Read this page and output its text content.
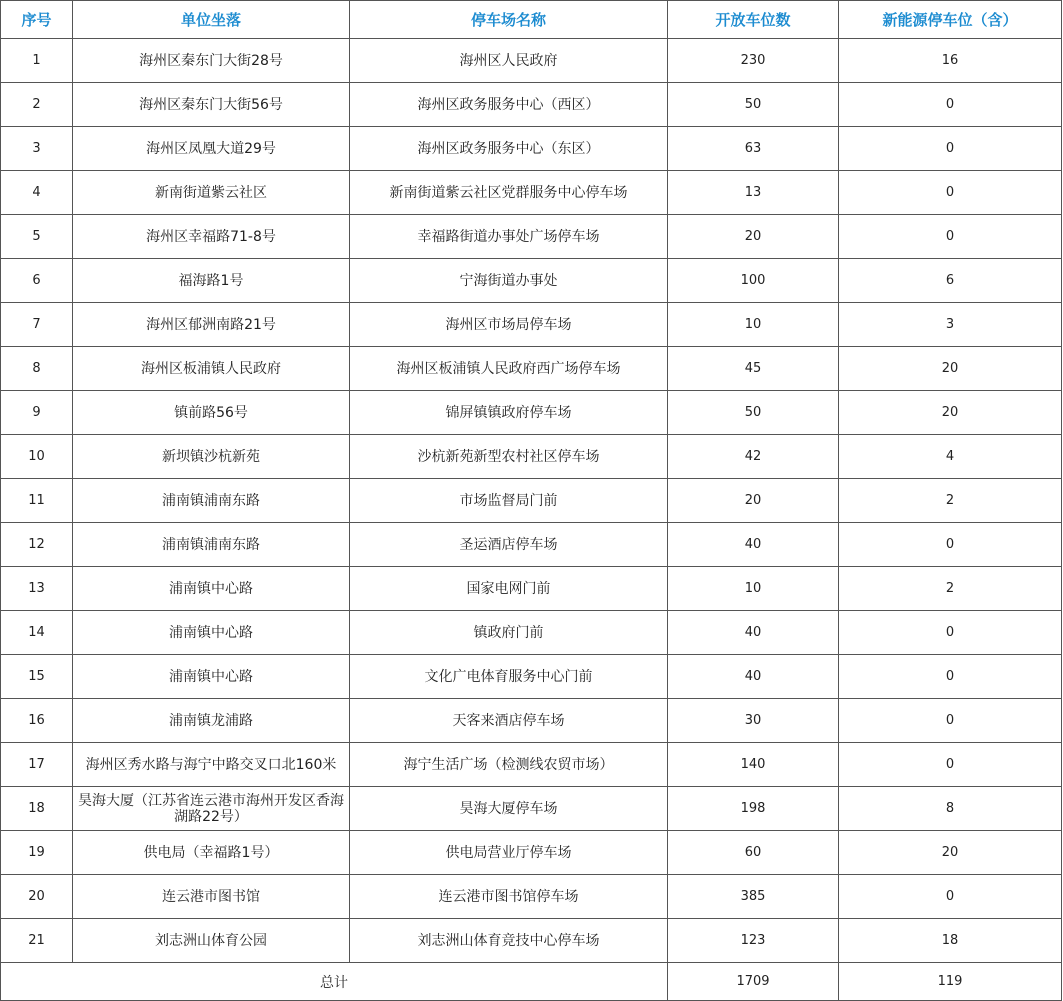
序号	单位坐落	停车场名称	开放车位数	新能源停车位（含）
1	海州区秦东门大街28号	海州区人民政府	230	16
2	海州区秦东门大街56号	海州区政务服务中心（西区）	50	0
3	海州区凤凰大道29号	海州区政务服务中心（东区）	63	0
4	新南街道紫云社区	新南街道紫云社区党群服务中心停车场	13	0
5	海州区幸福路71-8号	幸福路街道办事处广场停车场	20	0
6	福海路1号	宁海街道办事处	100	6
7	海州区郁洲南路21号	海州区市场局停车场	10	3
8	海州区板浦镇人民政府	海州区板浦镇人民政府西广场停车场	45	20
9	镇前路56号	锦屏镇镇政府停车场	50	20
10	新坝镇沙杭新苑	沙杭新苑新型农村社区停车场	42	4
11	浦南镇浦南东路	市场监督局门前	20	2
12	浦南镇浦南东路	圣运酒店停车场	40	0
13	浦南镇中心路	国家电网门前	10	2
14	浦南镇中心路	镇政府门前	40	0
15	浦南镇中心路	文化广电体育服务中心门前	40	0
16	浦南镇龙浦路	天客来酒店停车场	30	0
17	海州区秀水路与海宁中路交叉口北160米	海宁生活广场（检测线农贸市场）	140	0
18	昊海大厦（江苏省连云港市海州开发区香海湖路22号）	昊海大厦停车场	198	8
19	供电局（幸福路1号）	供电局营业厅停车场	60	20
20	连云港市图书馆	连云港市图书馆停车场	385	0
21	刘志洲山体育公园	刘志洲山体育竞技中心停车场	123	18
总计			1709	119
